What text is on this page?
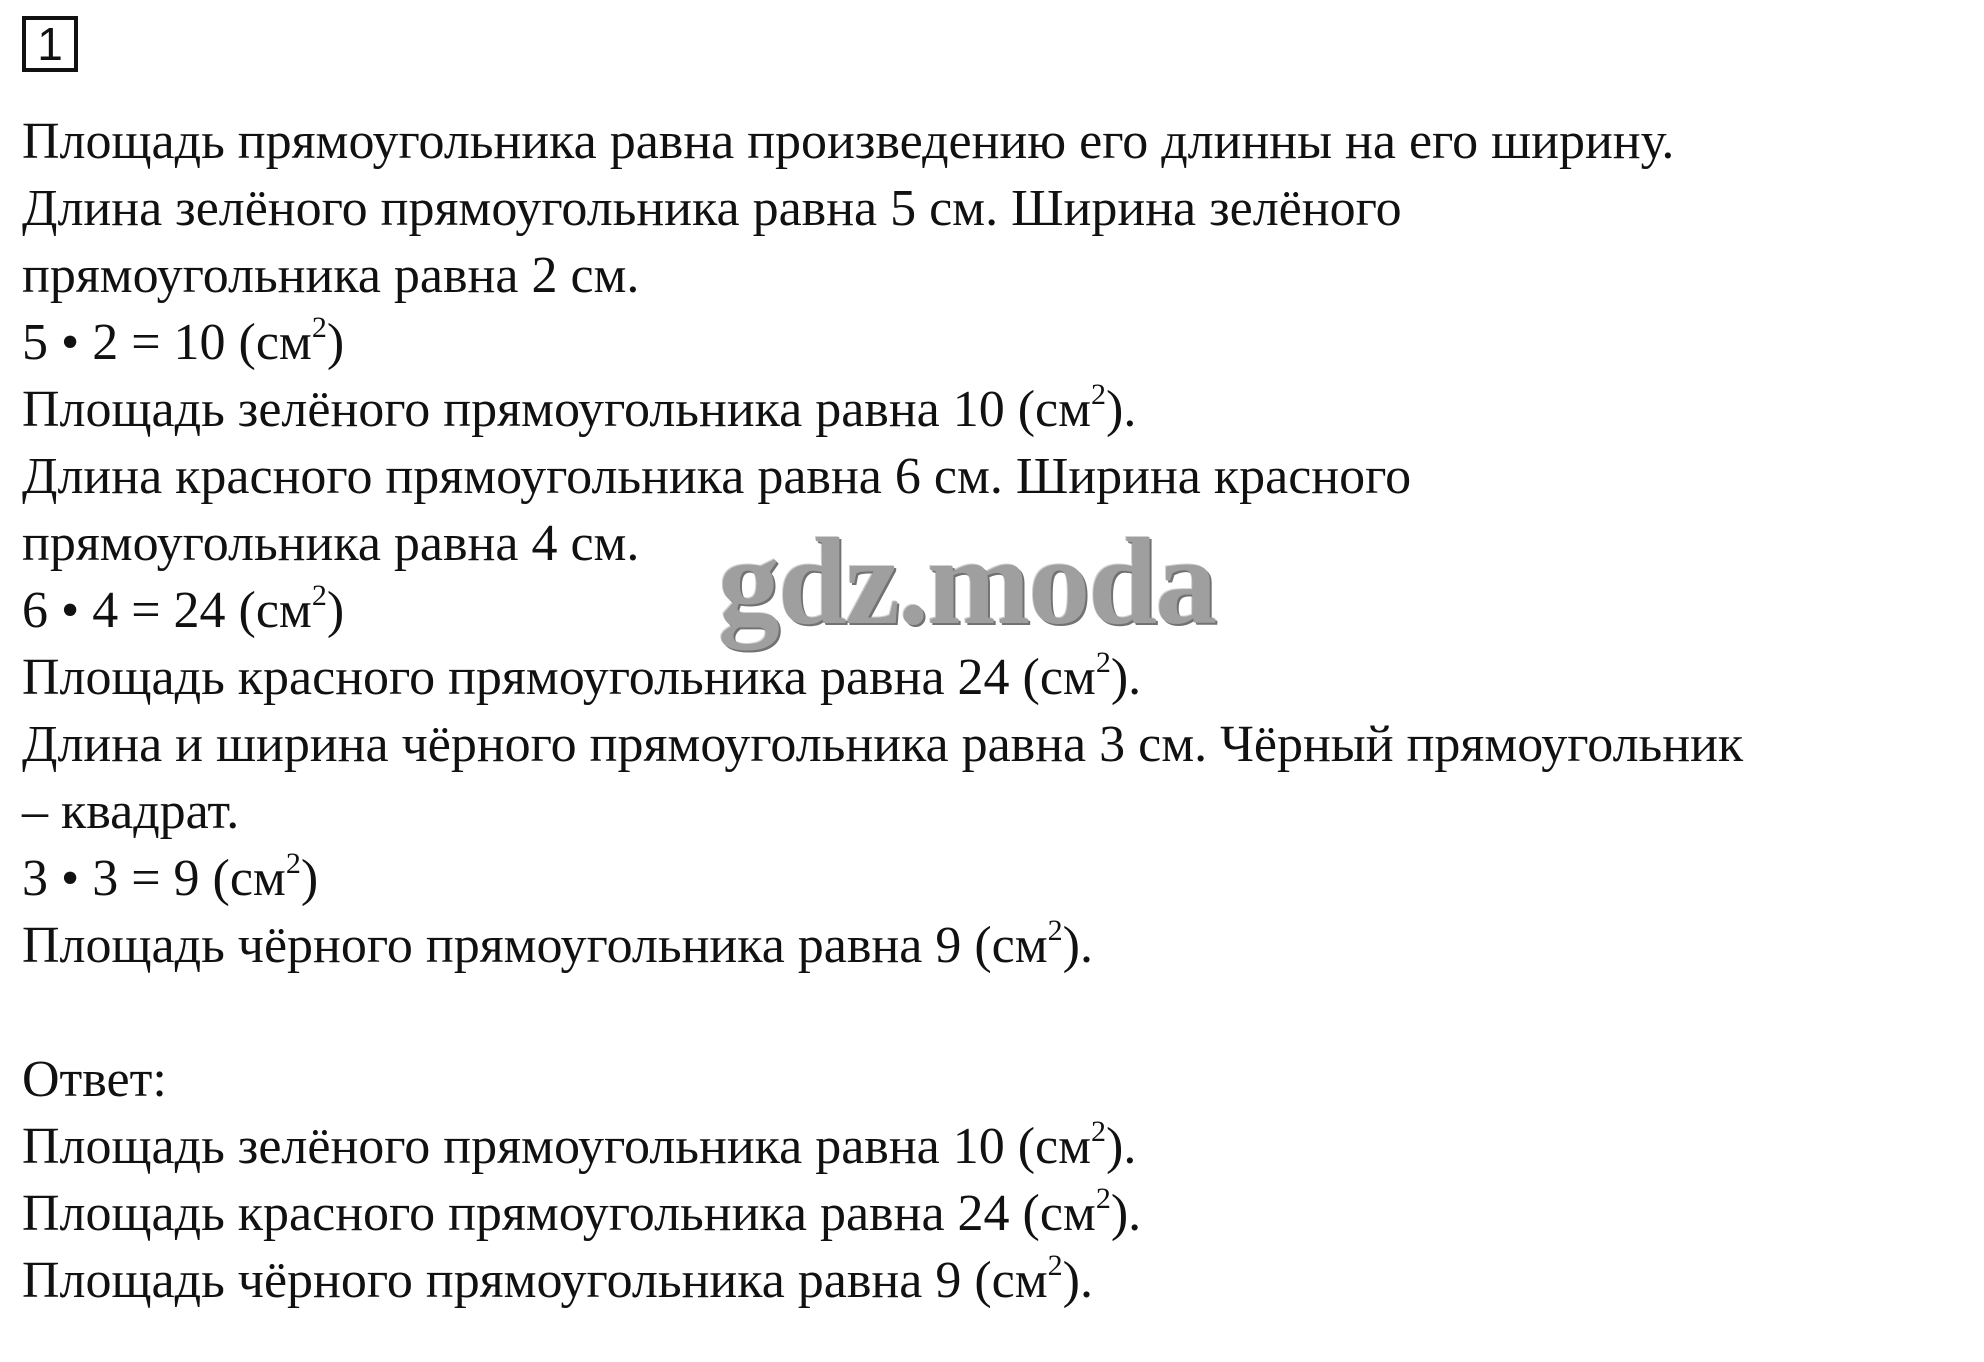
1
Площадь прямоугольника равна произведению его длинны на его ширину.
Длина зелёного прямоугольника равна 5 см. Ширина зелёного
прямоугольника равна 2 см.
5 • 2 = 10 $(см^2)$
Площадь зелёного прямоугольника равна 10 $(см^2)$.
Длина красного прямоугольника равна 6 см. Ширина красного
прямоугольника равна 4 см.
6 • 4 = 24 $(см^2)$
Площадь красного прямоугольника равна 24 $(см^2)$.
Длина и ширина чёрного прямоугольника равна 3 см. Чёрный прямоугольник
– квадрат.
3 • 3 = 9 $(см^2)$
Площадь чёрного прямоугольника равна 9 $(см^2)$.
Ответ:
Площадь зелёного прямоугольника равна 10 $(см^2)$.
Площадь красного прямоугольника равна 24 $(см^2)$.
Площадь чёрного прямоугольника равна 9 $(см^2)$.
gdz.moda
